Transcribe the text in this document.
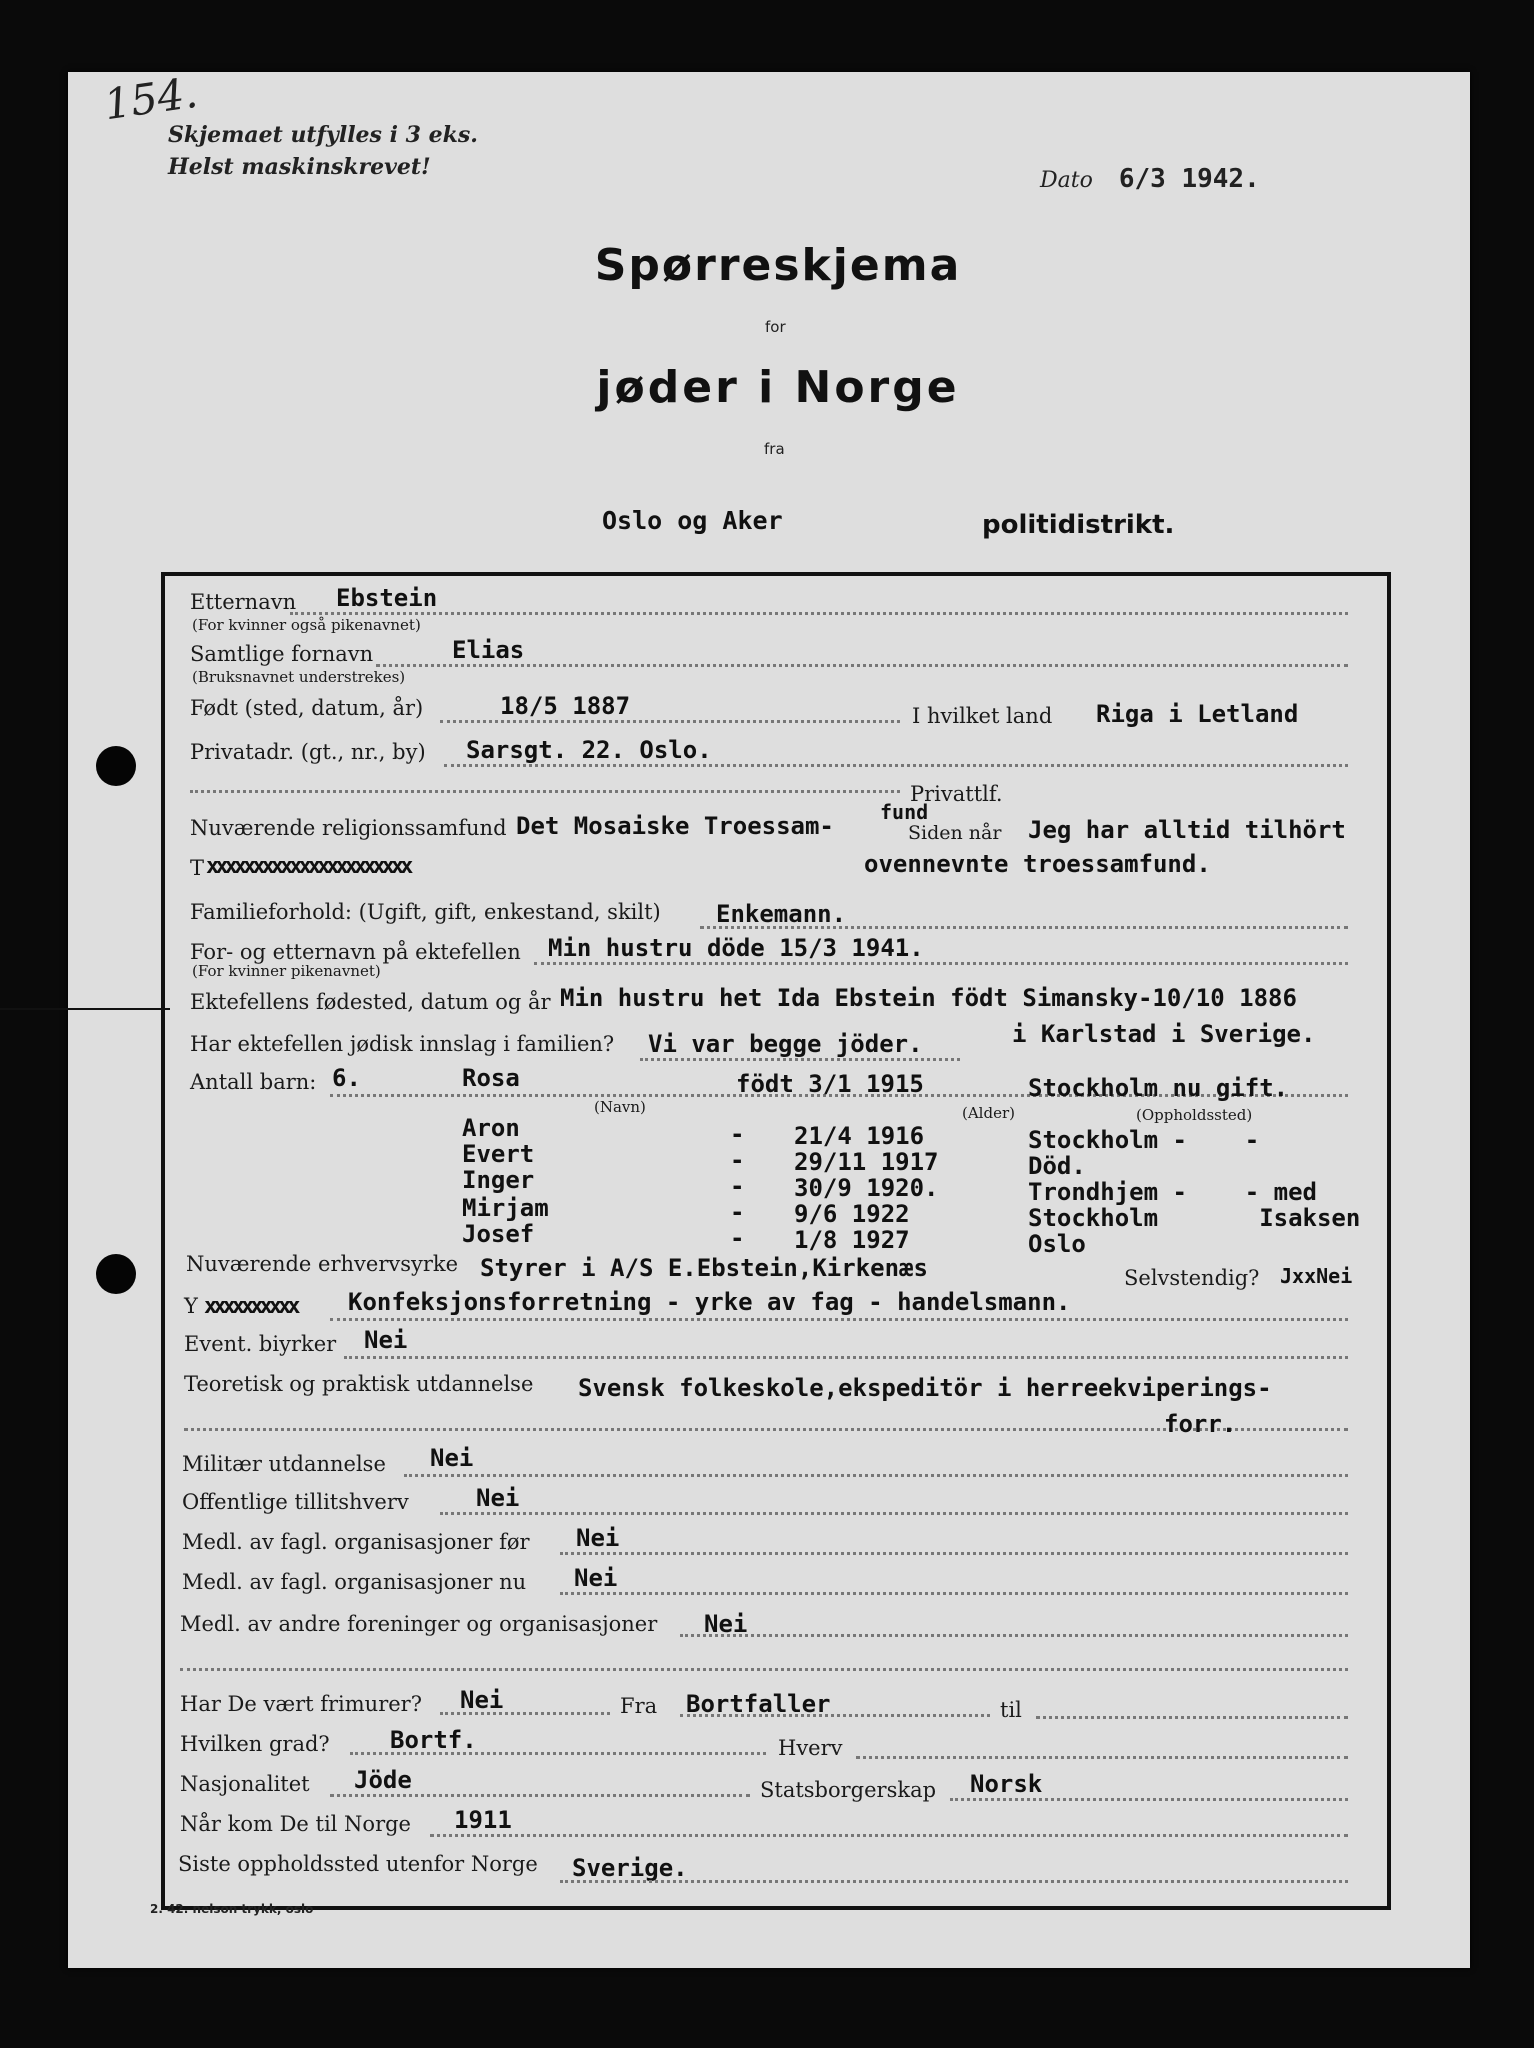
154.
Skjemaet utfylles i 3 eks.
Helst maskinskrevet!
Dato 6/3 1942.
Spørreskjema
for
jøder i Norge
fra
Oslo og Aker	politidistrikt.
Etternavn Ebstein
(For kvinner også pikenavnet)
Samtlige fornavn	Elias
(Bruksnavnet understrekes)
Født (sted, datum, år)	18/5 1887	I hvilket land Riga i Letland
Privatadr. (gt., nr., by) Sarsgt. 22. Oslo.
Privattlf.
Nuværende religionssamfund Det Mosaiske Troessam- fund
Siden når Jeg har alltid tilhört
T xxxxxxxxxxxxxxxxxxxxxx	ovennevnte troessamfund.
Familieforhold: (Ugift, gift, enkestand, skilt) Enkemann.
For- og etternavn på ektefellen Min hustru döde 15/3 1941.
(For kvinner pikenavnet)
Ektefellens fødested, datum og år Min hustru het Ida Ebstein födt Simansky-10/10 1886
i Karlstad i Sverige.
Har ektefellen jødisk innslag i familien? Vi var begge jöder.
Antall barn: 6.
(Navn)	(Alder)	(Oppholdssted)
Rosa	födt 3/1 1915	Stockholm nu gift.
Aron	- 21/4 1916	Stockholm -    -
Evert	- 29/11 1917	Död.
Inger	- 30/9 1920.	Trondhjem -    - med
Mirjam	- 9/6 1922	Stockholm       Isaksen
Josef	- 1/8 1927	Oslo
Nuværende erhvervsyrke Styrer i A/S E.Ebstein,Kirkenæs	Selvstendig? JxxNei
Y xxxxxxxxxx Konfeksjonsforretning - yrke av fag - handelsmann.
Event. biyrker Nei
Teoretisk og praktisk utdannelse Svensk folkeskole,ekspeditör i herreekviperings-
forr.
Militær utdannelse Nei
Offentlige tillitshverv	Nei
Medl. av fagl. organisasjoner før Nei
Medl. av fagl. organisasjoner nu Nei
Medl. av andre foreninger og organisasjoner Nei
Har De vært frimurer? Nei	Fra Bortfaller	til
Hvilken grad?	Bortf.	Hverv
Nasjonalitet Jöde	Statsborgerskap Norsk
Når kom De til Norge 1911
Siste oppholdssted utenfor Norge Sverige.
2. 42. nelson trykk, oslo
